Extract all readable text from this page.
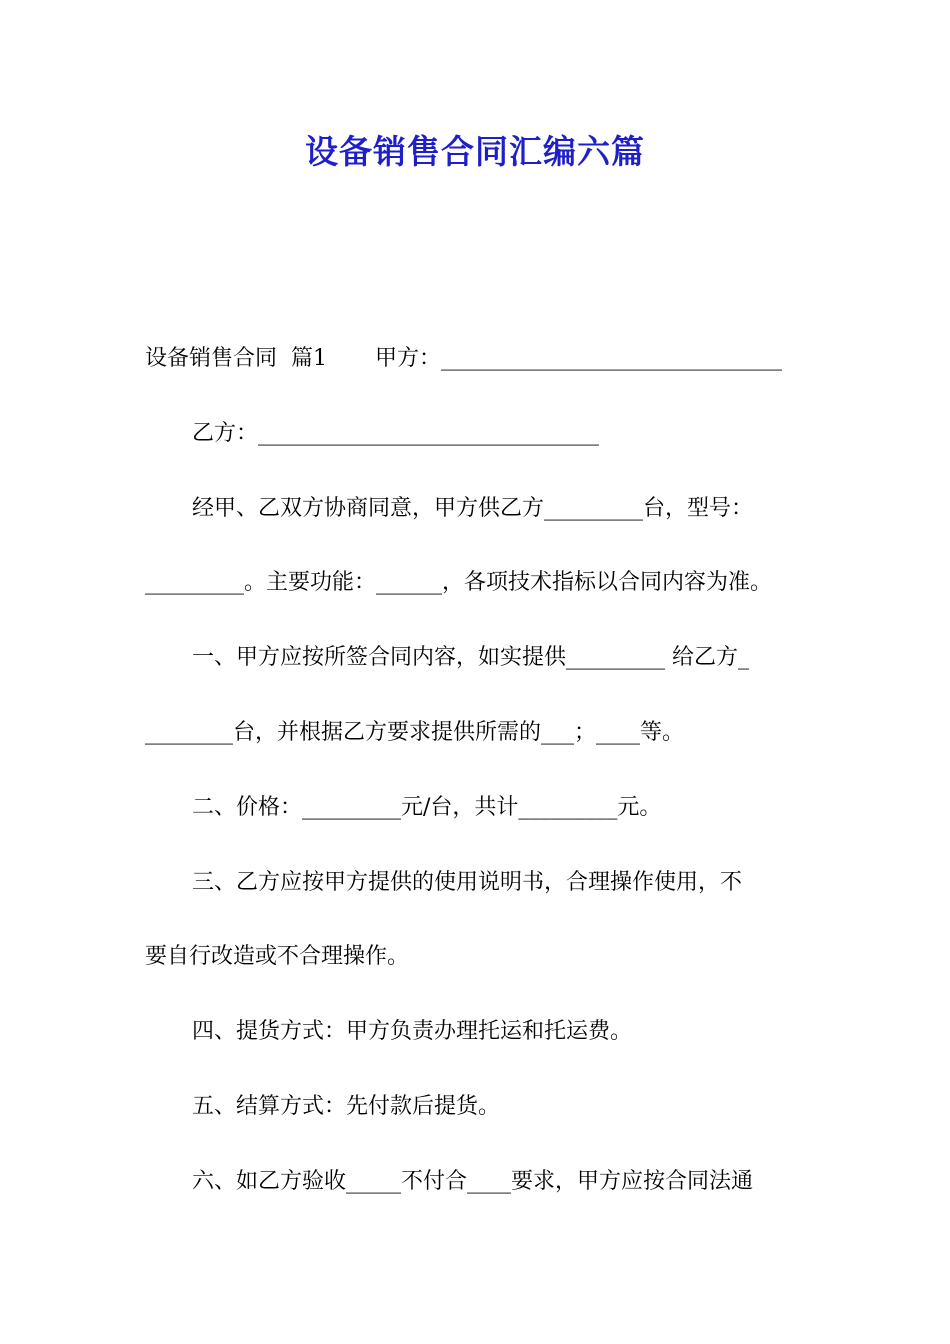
设备销售合同汇编六篇
设备销售合同  篇1 甲方：_______________________________
乙方：_______________________________
经甲、乙双方协商同意，甲方供乙方_________台，型号：
_________。主要功能：______，各项技术指标以合同内容为准。
一、甲方应按所签合同内容，如实提供_________ 给乙方_
________台，并根据乙方要求提供所需的___；____等。
二、价格：_________元/台，共计_________元。
三、乙方应按甲方提供的使用说明书，合理操作使用，不
要自行改造或不合理操作。
四、提货方式：甲方负责办理托运和托运费。
五、结算方式：先付款后提货。
六、如乙方验收_____不付合____要求，甲方应按合同法通
